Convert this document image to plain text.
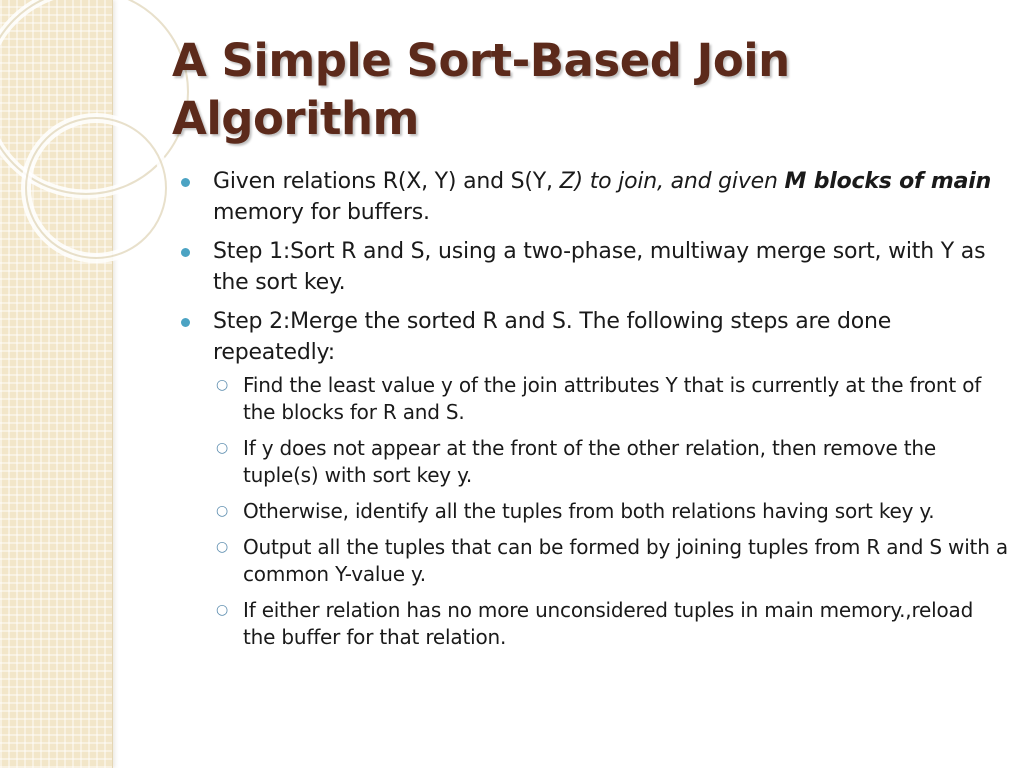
A Simple Sort-Based Join Algorithm
Given relations R(X, Y) and S(Y, Z) to join, and given M blocks of main memory for buffers.
Step 1:Sort R and S, using a two-phase, multiway merge sort, with Y as the sort key.
Step 2:Merge the sorted R and S. The following steps are done repeatedly:
○ Find the least value y of the join attributes Y that is currently at the front of the blocks for R and S.
○ If y does not appear at the front of the other relation, then remove the tuple(s) with sort key y.
○ Otherwise, identify all the tuples from both relations having sort key y.
○ Output all the tuples that can be formed by joining tuples from R and S with a common Y-value y.
○ If either relation has no more unconsidered tuples in main memory.,reload the buffer for that relation.
